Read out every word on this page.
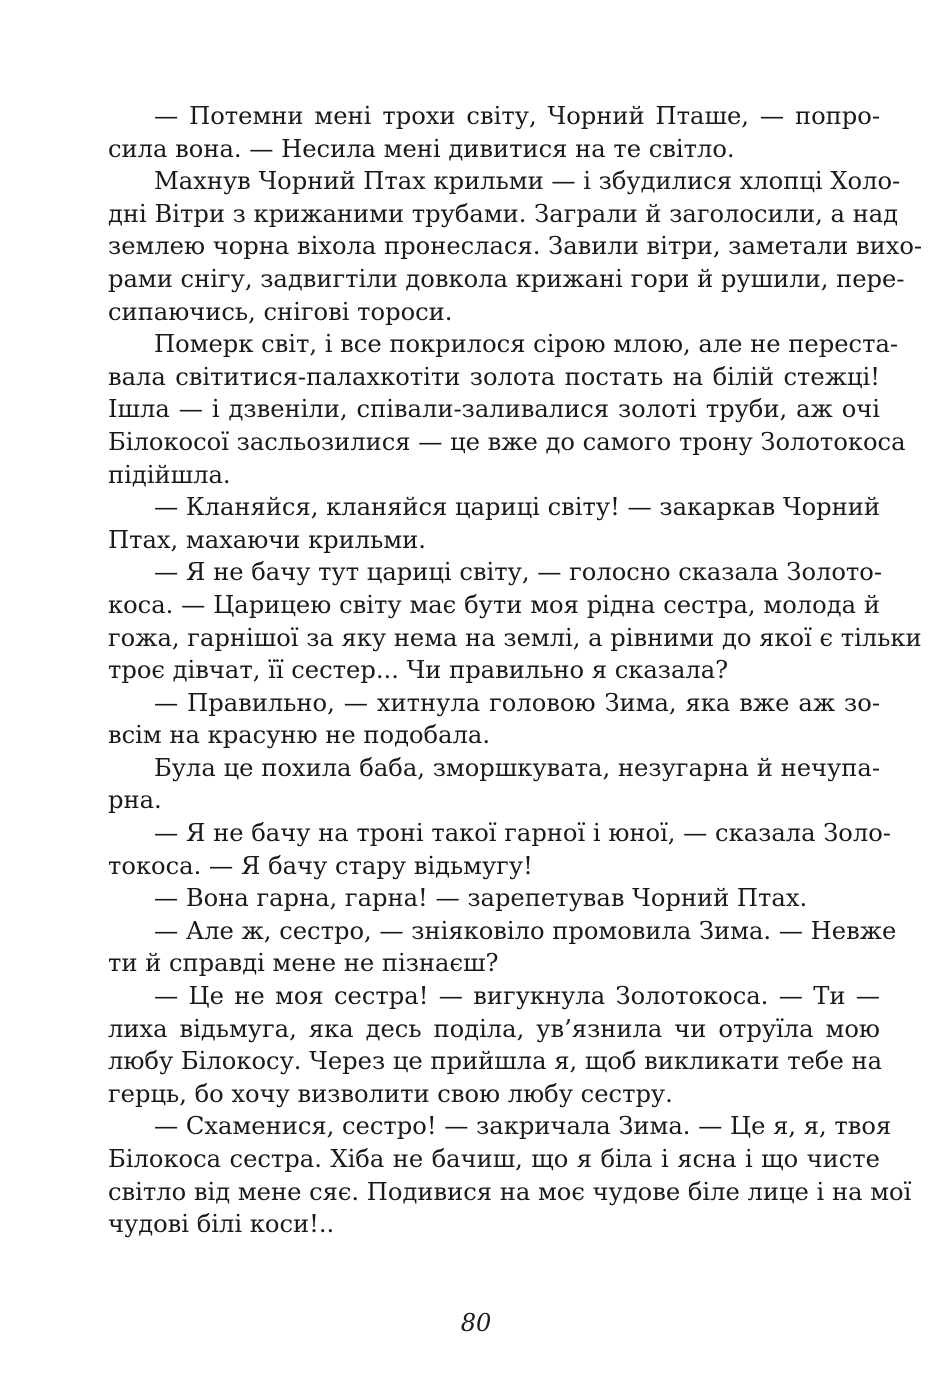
— Потемни мені трохи світу, Чорний Пташе, — попро-
сила вона. — Несила мені дивитися на те світло.

Махнув Чорний Птах крильми — і збудилися хлопці Холо-
дні Вітри з крижаними трубами. Заграли й заголосили, а над
землею чорна віхола пронеслася. Завили вітри, заметали вихо-
рами снігу, задвигтіли довкола крижані гори й рушили, пере-
сипаючись, снігові тороси.

Померк світ, і все покрилося сірою млою, але не переста-
вала світитися-палахкотіти золота постать на білій стежці!
Ішла — і дзвеніли, співали-заливалися золоті труби, аж очі
Білокосої засльозилися — це вже до самого трону Золотокоса
підійшла.

— Кланяйся, кланяйся цариці світу! — закаркав Чорний
Птах, махаючи крильми.

— Я не бачу тут цариці світу, — голосно сказала Золото-
коса. — Царицею світу має бути моя рідна сестра, молода й
гожа, гарнішої за яку нема на землі, а рівними до якої є тільки
троє дівчат, її сестер... Чи правильно я сказала?

— Правильно, — хитнула головою Зима, яка вже аж зо-
всім на красуню не подобала.

Була це похила баба, зморшкувата, незугарна й нечупа-
рна.

— Я не бачу на троні такої гарної і юної, — сказала Золо-
токоса. — Я бачу стару відьмугу!

— Вона гарна, гарна! — зарепетував Чорний Птах.

— Але ж, сестро, — зніяковіло промовила Зима. — Невже
ти й справді мене не пізнаєш?

— Це не моя сестра! — вигукнула Золотокоса. — Ти —
лиха відьмуга, яка десь поділа, ув’язнила чи отруїла мою
любу Білокосу. Через це прийшла я, щоб викликати тебе на
герць, бо хочу визволити свою любу сестру.

— Схаменися, сестро! — закричала Зима. — Це я, я, твоя
Білокоса сестра. Хіба не бачиш, що я біла і ясна і що чисте
світло від мене сяє. Подивися на моє чудове біле лице і на мої
чудові білі коси!..

80
